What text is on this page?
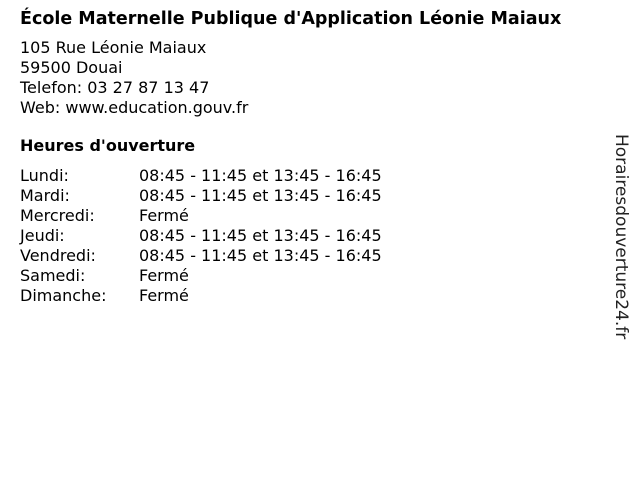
École Maternelle Publique d'Application Léonie Maiaux
105 Rue Léonie Maiaux
59500 Douai
Telefon: 03 27 87 13 47
Web: www.education.gouv.fr
Heures d'ouverture
Lundi:	08:45 - 11:45 et 13:45 - 16:45
Mardi:	08:45 - 11:45 et 13:45 - 16:45
Mercredi:	Fermé
Jeudi:	08:45 - 11:45 et 13:45 - 16:45
Vendredi:	08:45 - 11:45 et 13:45 - 16:45
Samedi:	Fermé
Dimanche:	Fermé	Horairesdouverture24.fr
